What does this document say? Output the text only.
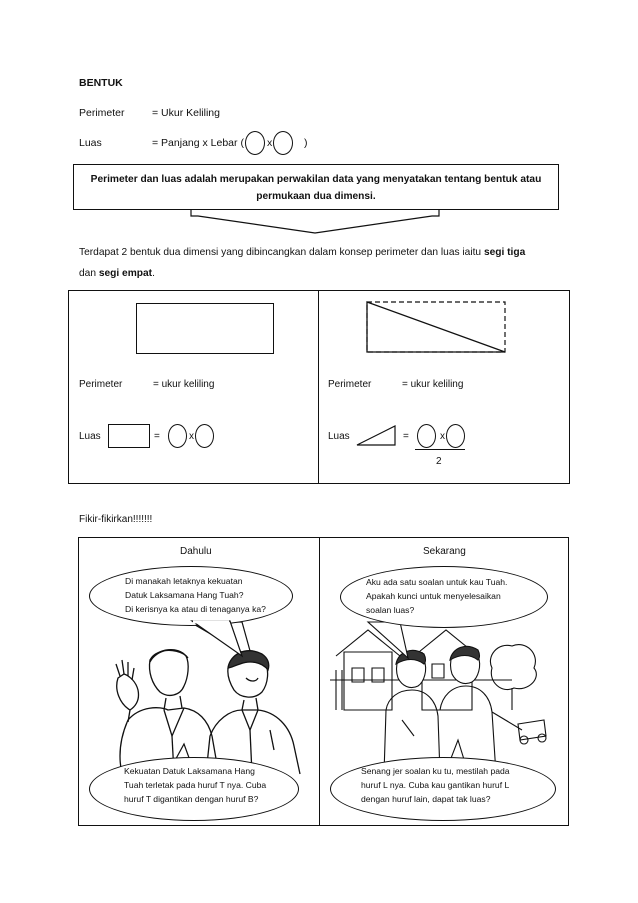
BENTUK
Perimeter	= Ukur Keliling
Luas	= Panjang x Lebar ( x	)
Perimeter dan luas adalah merupakan perwakilan data yang menyatakan tentang bentuk atau
permukaan dua dimensi.
Terdapat 2 bentuk dua dimensi yang dibincangkan dalam konsep perimeter dan luas iaitu segi tiga
dan segi empat.
Perimeter	= ukur keliling
Luas	=	x
Perimeter	= ukur keliling
Luas	=	x
2
Fikir-fikirkan!!!!!!!
Dahulu	Sekarang
Di manakah letaknya kekuatan
Datuk Laksamana Hang Tuah?
Di kerisnya ka atau di tenaganya ka?
Kekuatan Datuk Laksamana Hang
Tuah terletak pada huruf T nya. Cuba
huruf T digantikan dengan huruf B?
Aku ada satu soalan untuk kau Tuah.
Apakah kunci untuk menyelesaikan
soalan luas?
Senang jer soalan ku tu, mestilah pada
huruf L nya. Cuba kau gantikan huruf L
dengan huruf lain, dapat tak luas?
